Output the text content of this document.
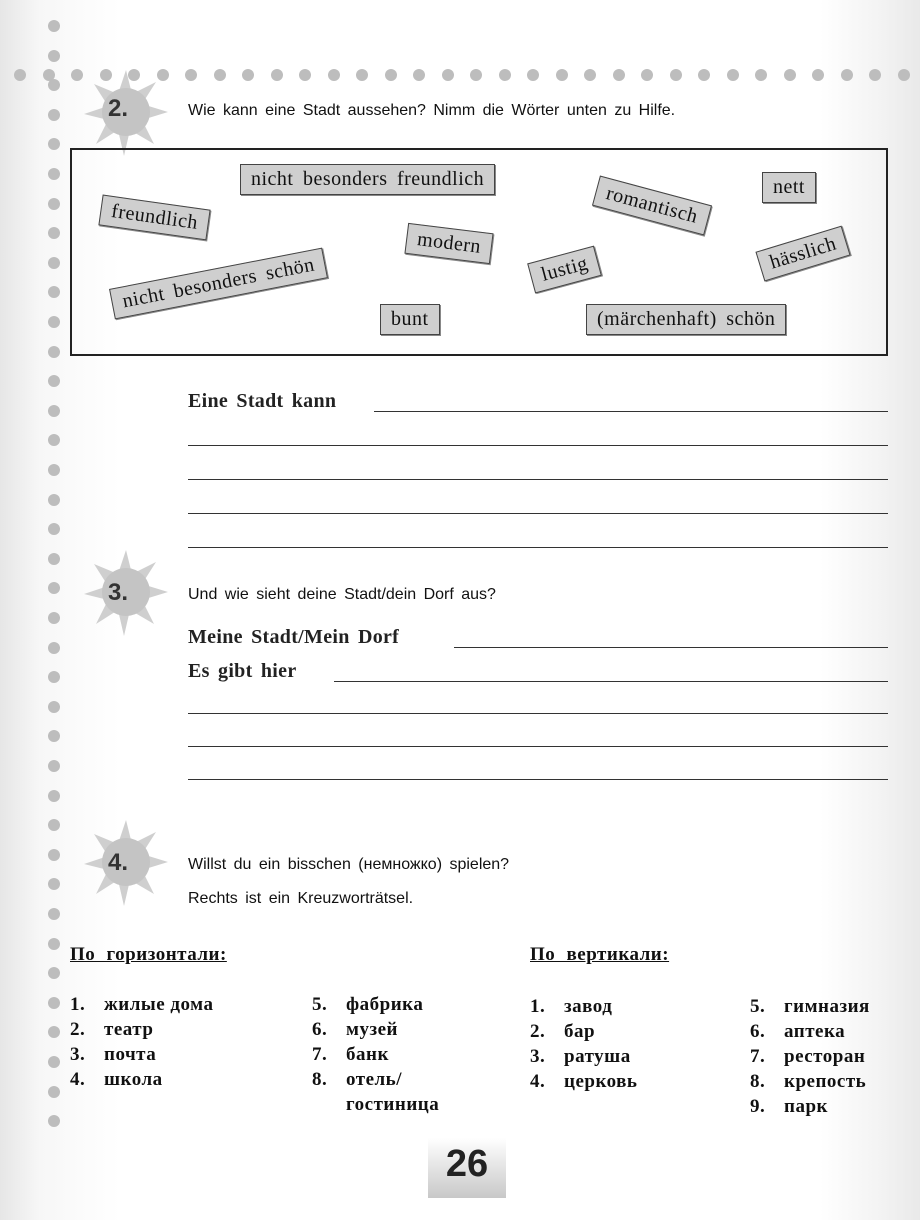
2.	Wie kann eine Stadt aussehen? Nimm die Wörter unten zu Hilfe.
nicht besonders freundlich
romantisch	nett
freundlich
modern
lustig	hässlich
nicht besonders schön
bunt	(märchenhaft) schön
Eine Stadt kann
3.	Und wie sieht deine Stadt/dein Dorf aus?
Meine Stadt/Mein Dorf
Es gibt hier
4.	Willst du ein bisschen (немножко) spielen?
Rechts ist ein Kreuzworträtsel.
По горизонтали:	По вертикали:
1. жилые дома
2. театр
3. почта
4. школа
5. фабрика
6. музей
7. банк
8. отель/
гостиница
1. завод
2. бар
3. ратуша
4. церковь
5. гимназия
6. аптека
7. ресторан
8. крепость
9. парк
26
